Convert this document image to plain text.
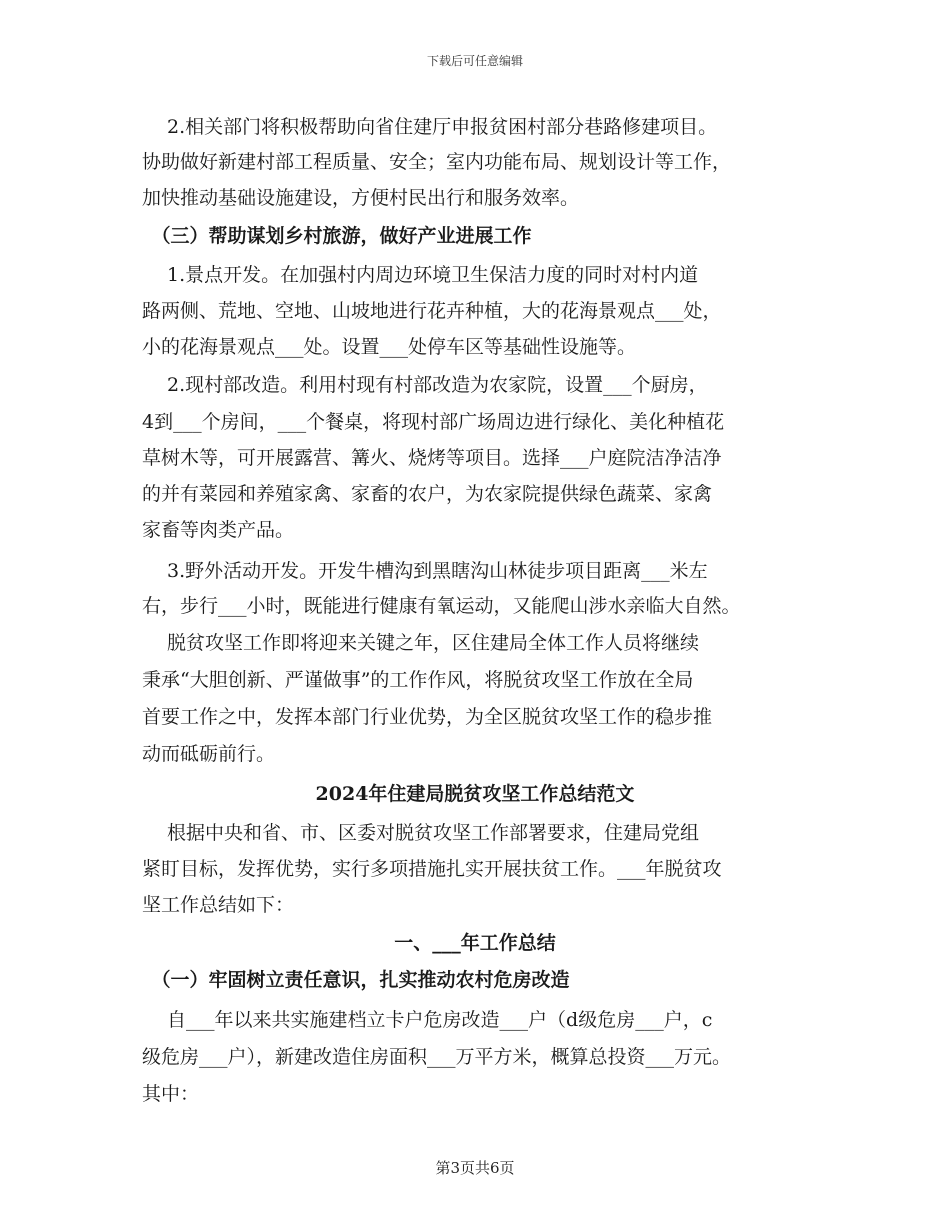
下载后可任意编辑
　 2.相关部门将积极帮助向省住建厅申报贫困村部分巷路修建项目。
协助做好新建村部工程质量、安全；室内功能布局、规划设计等工作，
加快推动基础设施建设，方便村民出行和服务效率。
　（三）帮助谋划乡村旅游，做好产业进展工作
　 1.景点开发。在加强村内周边环境卫生保洁力度的同时对村内道
路两侧、荒地、空地、山坡地进行花卉种植，大的花海景观点___处，
小的花海景观点___处。设置___处停车区等基础性设施等。
　 2.现村部改造。利用村现有村部改造为农家院，设置___个厨房，
4到___个房间，___个餐桌，将现村部广场周边进行绿化、美化种植花
草树木等，可开展露营、篝火、烧烤等项目。选择___户庭院洁净洁净
的并有菜园和养殖家禽、家畜的农户，为农家院提供绿色蔬菜、家禽
家畜等肉类产品。
　 3.野外活动开发。开发牛槽沟到黑瞎沟山林徒步项目距离___米左
右，步行___小时，既能进行健康有氧运动，又能爬山涉水亲临大自然。
　 脱贫攻坚工作即将迎来关键之年，区住建局全体工作人员将继续
秉承“大胆创新、严谨做事”的工作作风，将脱贫攻坚工作放在全局
首要工作之中，发挥本部门行业优势，为全区脱贫攻坚工作的稳步推
动而砥砺前行。
2024年住建局脱贫攻坚工作总结范文
　 根据中央和省、市、区委对脱贫攻坚工作部署要求，住建局党组
紧盯目标，发挥优势，实行多项措施扎实开展扶贫工作。___年脱贫攻
坚工作总结如下：
一、___年工作总结
　（一）牢固树立责任意识，扎实推动农村危房改造
　 自___年以来共实施建档立卡户危房改造___户（d级危房___户，c
级危房___户），新建改造住房面积___万平方米，概算总投资___万元。
其中：
第3页共6页
